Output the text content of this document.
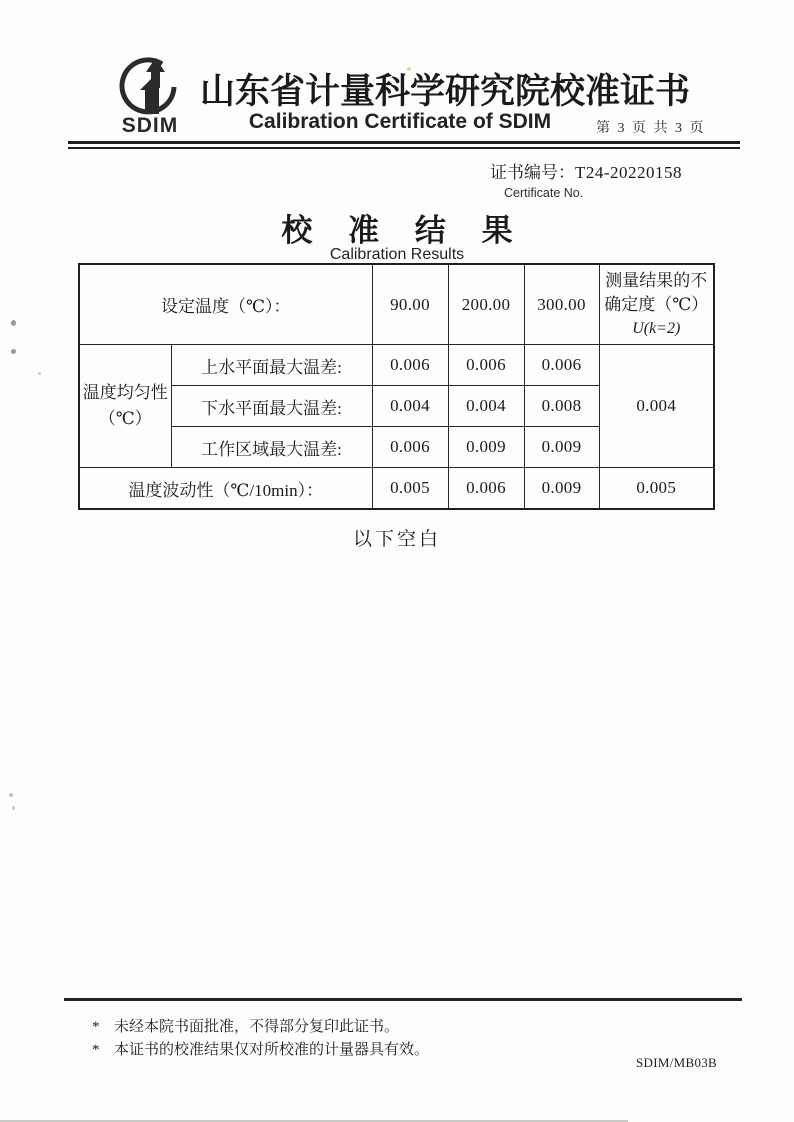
SDIM
山东省计量科学研究院校准证书
Calibration Certificate of SDIM	第 3 页 共 3 页
证书编号：T24-20220158
Certificate No.
校 准 结 果
Calibration Results
设定温度（℃）：		90.00	200.00	300.00	测量结果的不
确定度（℃）
U(k=2)

温度均匀性
（℃）	上水平面最大温差:	0.006	0.006	0.006	0.004
	下水平面最大温差:	0.004	0.004	0.008	
	工作区域最大温差:	0.006	0.009	0.009	
温度波动性（℃/10min）：		0.005	0.006	0.009	0.005
以下空白
* 未经本院书面批准，不得部分复印此证书。
* 本证书的校准结果仅对所校准的计量器具有效。
SDIM/MB03B
